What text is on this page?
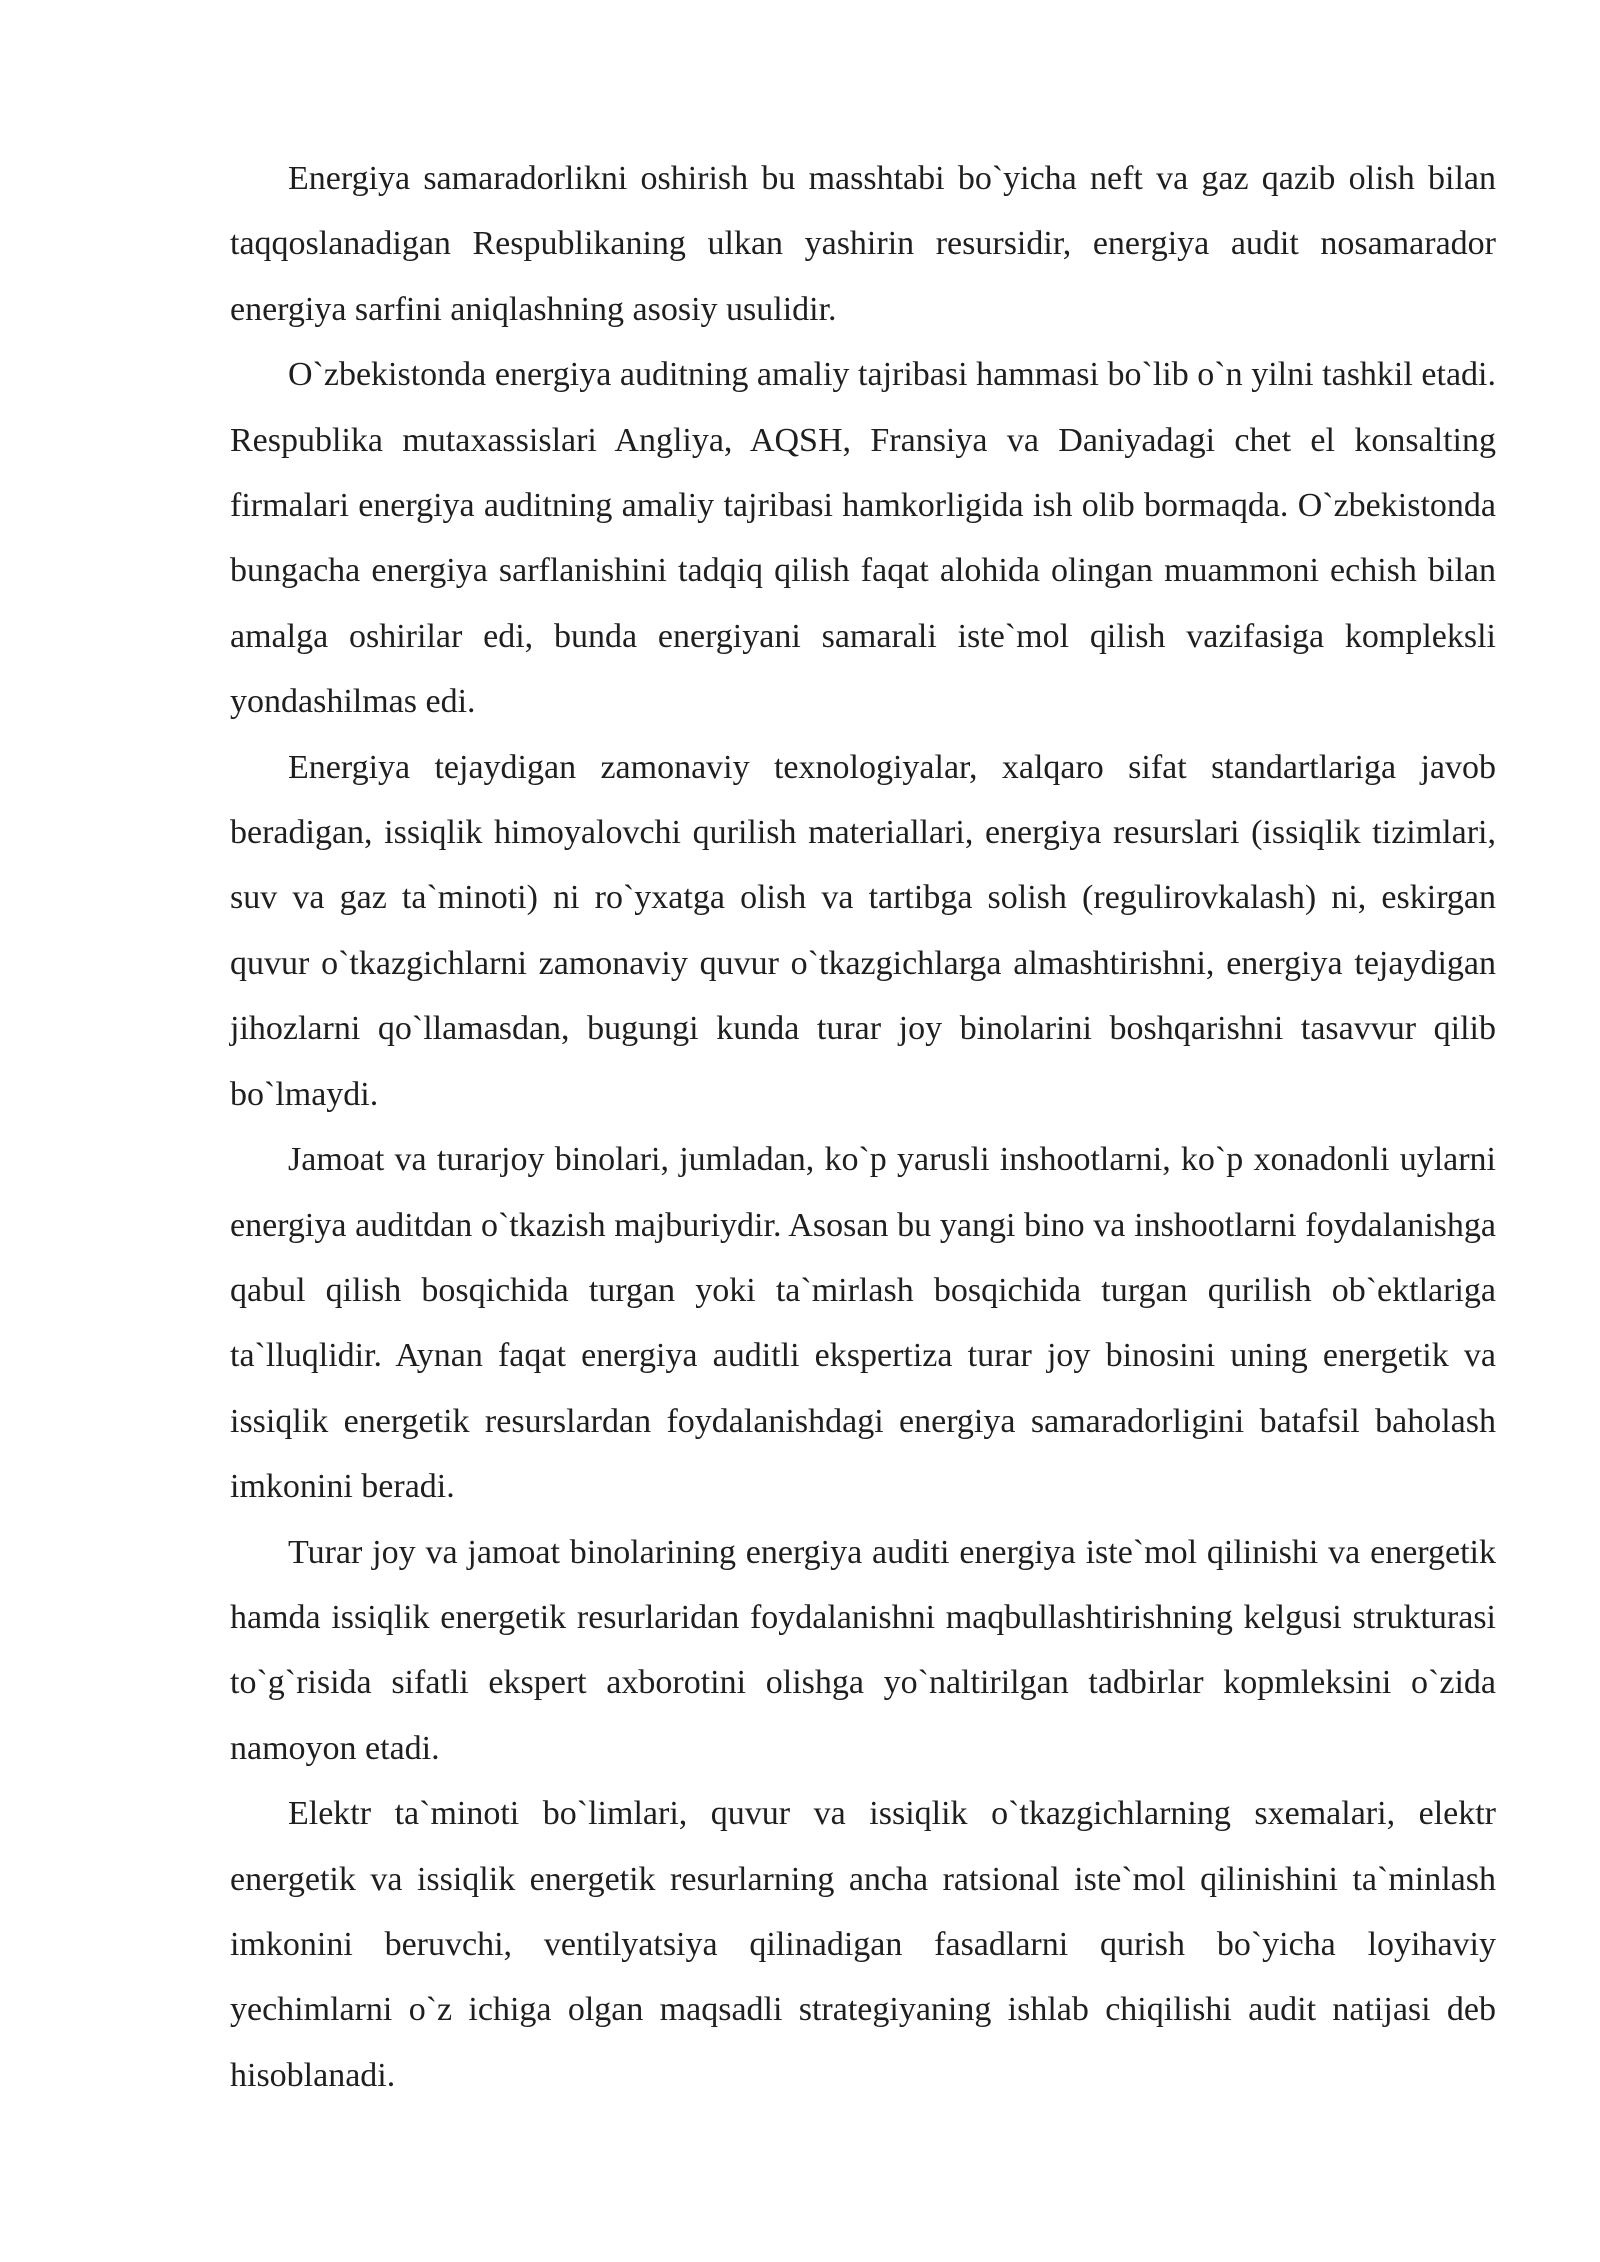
Energiya samaradorlikni oshirish bu masshtabi bo`yicha neft va gaz qazib olish bilan taqqoslanadigan Respublikaning ulkan yashirin resursidir, energiya audit nosamarador energiya sarfini aniqlashning asosiy usulidir.

O`zbekistonda energiya auditning amaliy tajribasi hammasi bo`lib o`n yilni tashkil etadi. Respublika mutaxassislari Angliya, AQSH, Fransiya va Daniyadagi chet el konsalting firmalari energiya auditning amaliy tajribasi hamkorligida ish olib bormaqda. O`zbekistonda bungacha energiya sarflanishini tadqiq qilish faqat alohida olingan muammoni echish bilan amalga oshirilar edi, bunda energiyani samarali iste`mol qilish vazifasiga kompleksli yondashilmas edi.

Energiya tejaydigan zamonaviy texnologiyalar, xalqaro sifat standartlariga javob beradigan, issiqlik himoyalovchi qurilish materiallari, energiya resurslari (issiqlik tizimlari, suv va gaz ta`minoti) ni ro`yxatga olish va tartibga solish (regulirovkalash) ni, eskirgan quvur o`tkazgichlarni zamonaviy quvur o`tkazgichlarga almashtirishni, energiya tejaydigan jihozlarni qo`llamasdan, bugungi kunda turar joy binolarini boshqarishni tasavvur qilib bo`lmaydi.

Jamoat va turarjoy binolari, jumladan, ko`p yarusli inshootlarni, ko`p xonadonli uylarni energiya auditdan o`tkazish majburiydir. Asosan bu yangi bino va inshootlarni foydalanishga qabul qilish bosqichida turgan yoki ta`mirlash bosqichida turgan qurilish ob`ektlariga ta`lluqlidir. Aynan faqat energiya auditli ekspertiza turar joy binosini uning energetik va issiqlik energetik resurslardan foydalanishdagi energiya samaradorligini batafsil baholash imkonini beradi.

Turar joy va jamoat binolarining energiya auditi energiya iste`mol qilinishi va energetik hamda issiqlik energetik resurlaridan foydalanishni maqbullashtirishning kelgusi strukturasi to`g`risida sifatli ekspert axborotini olishga yo`naltirilgan tadbirlar kopmleksini o`zida namoyon etadi.

Elektr ta`minoti bo`limlari, quvur va issiqlik o`tkazgichlarning sxemalari, elektr energetik va issiqlik energetik resurlarning ancha ratsional iste`mol qilinishini ta`minlash imkonini beruvchi, ventilyatsiya qilinadigan fasadlarni qurish bo`yicha loyihaviy yechimlarni o`z ichiga olgan maqsadli strategiyaning ishlab chiqilishi audit natijasi deb hisoblanadi.
